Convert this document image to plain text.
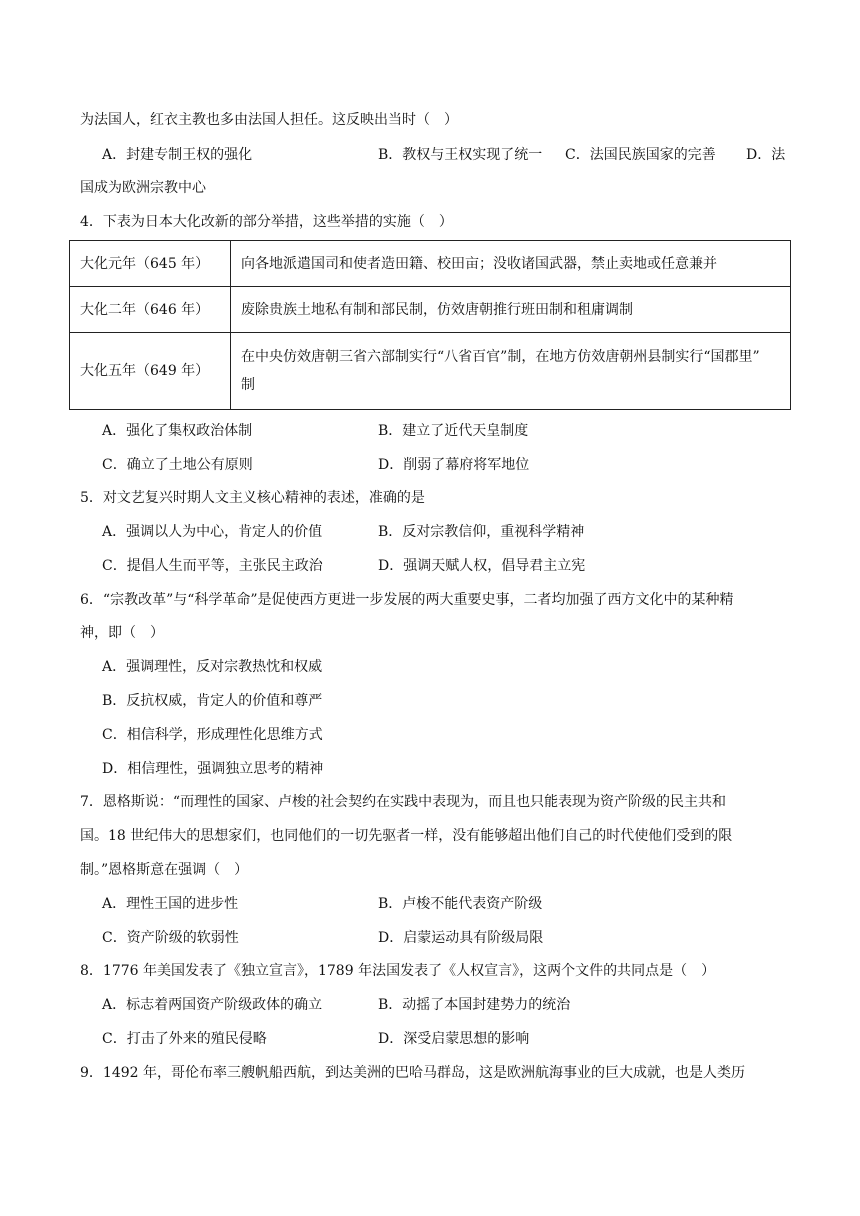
为法国人，红衣主教也多由法国人担任。这反映出当时（　）
A．封建专制王权的强化	B．教权与王权实现了统一 C．法国民族国家的完善 D．法
国成为欧洲宗教中心
4．下表为日本大化改新的部分举措，这些举措的实施（　）
大化元年（645 年）	向各地派遣国司和使者造田籍、校田亩；没收诸国武器，禁止卖地或任意兼并
大化二年（646 年）	废除贵族土地私有制和部民制，仿效唐朝推行班田制和租庸调制
大化五年（649 年）	在中央仿效唐朝三省六部制实行“八省百官”制，在地方仿效唐朝州县制实行“国郡里”
制
A．强化了集权政治体制	B．建立了近代天皇制度
C．确立了土地公有原则	D．削弱了幕府将军地位
5．对文艺复兴时期人文主义核心精神的表述，准确的是
A．强调以人为中心，肯定人的价值	B．反对宗教信仰，重视科学精神
C．提倡人生而平等，主张民主政治	D．强调天赋人权，倡导君主立宪
6．“宗教改革”与“科学革命”是促使西方更进一步发展的两大重要史事，二者均加强了西方文化中的某种精
神，即（　）
A．强调理性，反对宗教热忱和权威
B．反抗权威，肯定人的价值和尊严
C．相信科学，形成理性化思维方式
D．相信理性，强调独立思考的精神
7．恩格斯说：“而理性的国家、卢梭的社会契约在实践中表现为，而且也只能表现为资产阶级的民主共和
国。18 世纪伟大的思想家们，也同他们的一切先驱者一样，没有能够超出他们自己的时代使他们受到的限
制。”恩格斯意在强调（　）
A．理性王国的进步性	B．卢梭不能代表资产阶级
C．资产阶级的软弱性	D．启蒙运动具有阶级局限
8．1776 年美国发表了《独立宣言》，1789 年法国发表了《人权宣言》，这两个文件的共同点是（　）
A．标志着两国资产阶级政体的确立	B．动摇了本国封建势力的统治
C．打击了外来的殖民侵略	D．深受启蒙思想的影响
9．1492 年，哥伦布率三艘帆船西航，到达美洲的巴哈马群岛，这是欧洲航海事业的巨大成就，也是人类历
